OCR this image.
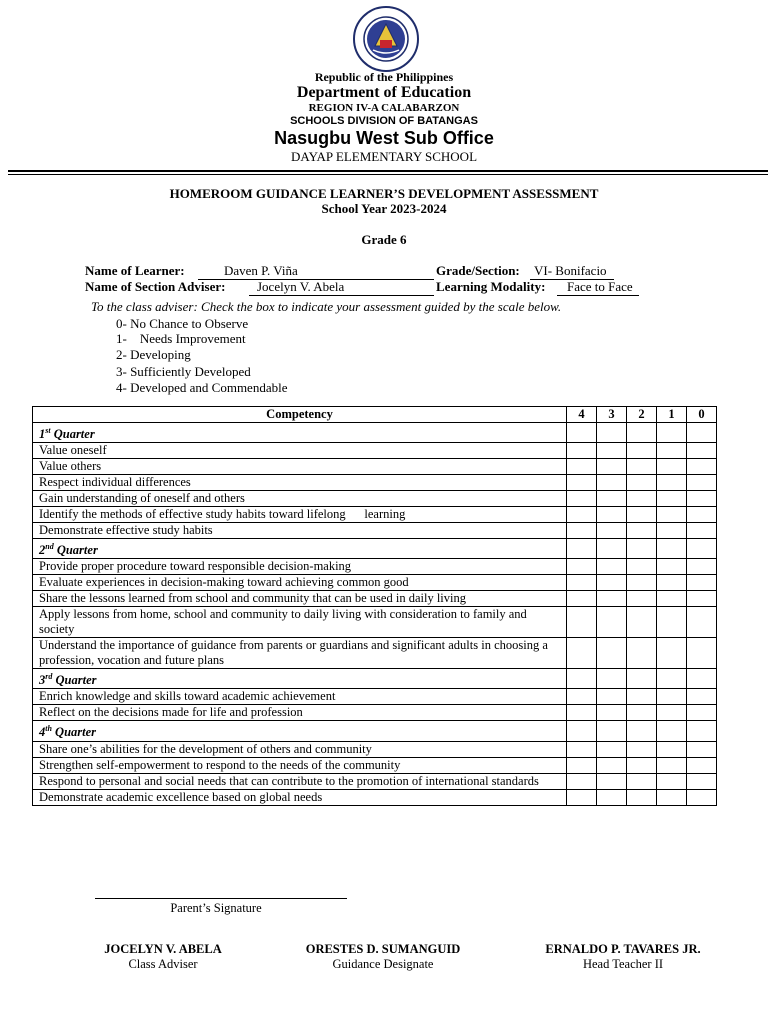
Republic of the Philippines
Department of Education
REGION IV-A CALABARZON
SCHOOLS DIVISION OF BATANGAS
Nasugbu West Sub Office
DAYAP ELEMENTARY SCHOOL
HOMEROOM GUIDANCE LEARNER’S DEVELOPMENT ASSESSMENT
School Year 2023-2024
Grade 6
Name of Learner:	Daven P. Viña	Grade/Section:	VI- Bonifacio
Name of Section Adviser:	Jocelyn V. Abela	Learning Modality:	Face to Face
To the class adviser: Check the box to indicate your assessment guided by the scale below.
0- No Chance to Observe
1-    Needs Improvement
2- Developing
3- Sufficiently Developed
4- Developed and Commendable
Competency	4	3	2	1	0
1st Quarter					
Value oneself					
Value others					
Respect individual differences					
Gain understanding of oneself and others					
Identify the methods of effective study habits toward lifelong      learning					
Demonstrate effective study habits					
2nd Quarter					
Provide proper procedure toward responsible decision-making					
Evaluate experiences in decision-making toward achieving common good					
Share the lessons learned from school and community that can be used in daily living					
Apply lessons from home, school and community to daily living with consideration to family and society					
Understand the importance of guidance from parents or guardians and significant adults in choosing a profession, vocation and future plans					
3rd Quarter					
Enrich knowledge and skills toward academic achievement					
Reflect on the decisions made for life and profession					
4th Quarter					
Share one’s abilities for the development of others and community					
Strengthen self-empowerment to respond to the needs of the community					
Respond to personal and social needs that can contribute to the promotion of international standards					
Demonstrate academic excellence based on global needs					
Parent’s Signature
JOCELYN V. ABELA
Class Adviser
ORESTES D. SUMANGUID
Guidance Designate
ERNALDO P. TAVARES JR.
Head Teacher II
